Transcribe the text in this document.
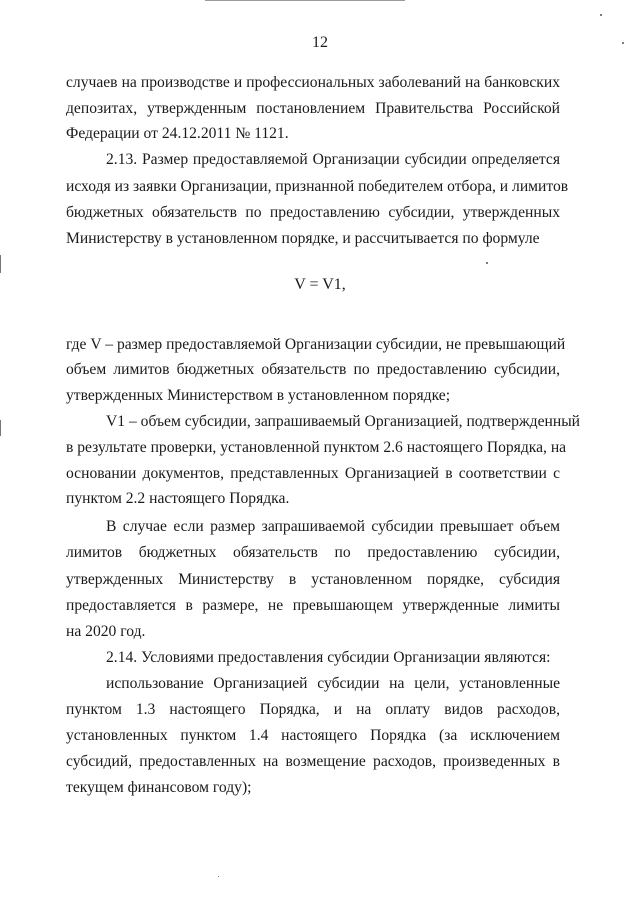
12
случаев на производстве и профессиональных заболеваний на банковских
депозитах, утвержденным постановлением Правительства Российской
Федерации от 24.12.2011 № 1121.
2.13. Размер предоставляемой Организации субсидии определяется
исходя из заявки Организации, признанной победителем отбора, и лимитов
бюджетных обязательств по предоставлению субсидии, утвержденных
Министерству в установленном порядке, и рассчитывается по формуле
V = V1,
где V – размер предоставляемой Организации субсидии, не превышающий
объем лимитов бюджетных обязательств по предоставлению субсидии,
утвержденных Министерством в установленном порядке;
V1 – объем субсидии, запрашиваемый Организацией, подтвержденный
в результате проверки, установленной пунктом 2.6 настоящего Порядка, на
основании документов, представленных Организацией в соответствии с
пунктом 2.2 настоящего Порядка.
В случае если размер запрашиваемой субсидии превышает объем
лимитов бюджетных обязательств по предоставлению субсидии,
утвержденных Министерству в установленном порядке, субсидия
предоставляется в размере, не превышающем утвержденные лимиты
на 2020 год.
2.14. Условиями предоставления субсидии Организации являются:
использование Организацией субсидии на цели, установленные
пунктом 1.3 настоящего Порядка, и на оплату видов расходов,
установленных пунктом 1.4 настоящего Порядка (за исключением
субсидий, предоставленных на возмещение расходов, произведенных в
текущем финансовом году);
